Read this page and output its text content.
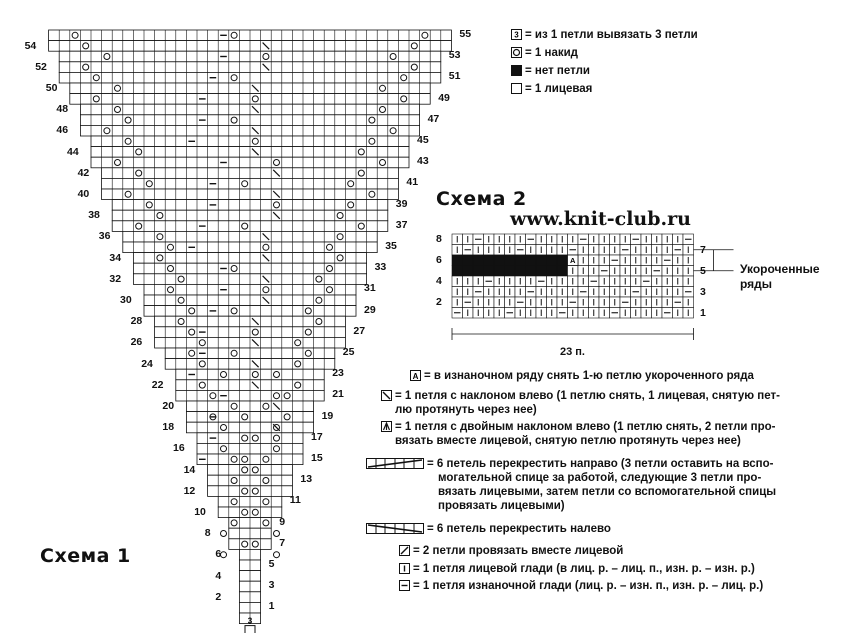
3
54
52
50
48
46
44
42
40
38
36
34
32
30
28
26
24
22
20
18
16
14
12
10
8
6
4
2
55
53
51
49
47
45
43
41
39
37
35
33
31
29
27
25
23
21
19
17
15
13
11
9
7
5
3
1
Схема 1
Схема 2
www.knit-club.ru
3 = из 1 петли вывязать 3 петли
= 1 накид
= нет петли
= 1 лицевая
A
Укороченные
ряды
23 п.
8
6
4
2
7
5
3
1
A = в изнаночном ряду снять 1-ю петлю укороченного ряда
= 1 петля с наклоном влево (1 петлю снять, 1 лицевая, снятую пет-
лю протянуть через нее)
= 1 петля с двойным наклоном влево (1 петлю снять, 2 петли про-
вязать вместе лицевой, снятую петлю протянуть через нее)
= 6 петель перекрестить направо (3 петли оставить на вспо-
могательной спице за работой, следующие 3 петли про-
вязать лицевыми, затем петли со вспомогательной спицы
провязать лицевыми)
= 6 петель перекрестить налево
= 2 петли провязать вместе лицевой
= 1 петля лицевой глади (в лиц. р. – лиц. п., изн. р. – изн. р.)
= 1 петля изнаночной глади (лиц. р. – изн. п., изн. р. – лиц. р.)
